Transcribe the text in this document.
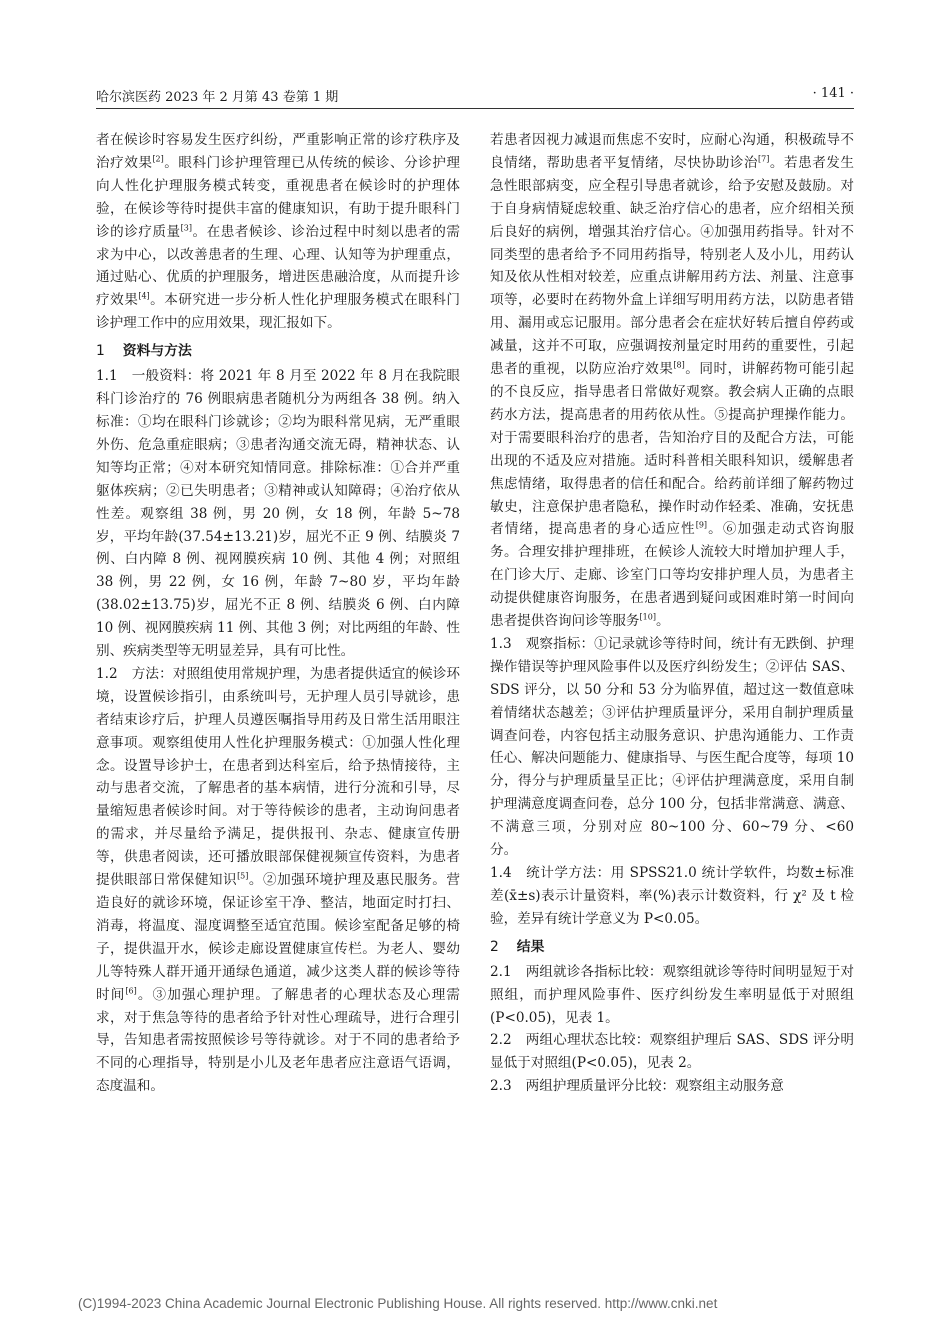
哈尔滨医药 2023 年 2 月第 43 卷第 1 期	· 141 ·

者在候诊时容易发生医疗纠纷，严重影响正常的诊疗秩序及治疗效果[2]。眼科门诊护理管理已从传统的候诊、分诊护理向人性化护理服务模式转变，重视患者在候诊时的护理体验，在候诊等待时提供丰富的健康知识，有助于提升眼科门诊的诊疗质量[3]。在患者候诊、诊治过程中时刻以患者的需求为中心，以改善患者的生理、心理、认知等为护理重点，通过贴心、优质的护理服务，增进医患融洽度，从而提升诊疗效果[4]。本研究进一步分析人性化护理服务模式在眼科门诊护理工作中的应用效果，现汇报如下。

1 资料与方法

1.1 一般资料：将 2021 年 8 月至 2022 年 8 月在我院眼科门诊治疗的 76 例眼病患者随机分为两组各 38 例。纳入标准：①均在眼科门诊就诊；②均为眼科常见病，无严重眼外伤、危急重症眼病；③患者沟通交流无碍，精神状态、认知等均正常；④对本研究知情同意。排除标准：①合并严重躯体疾病；②已失明患者；③精神或认知障碍；④治疗依从性差。观察组 38 例，男 20 例，女 18 例，年龄 5~78 岁，平均年龄(37.54±13.21)岁，屈光不正 9 例、结膜炎 7 例、白内障 8 例、视网膜疾病 10 例、其他 4 例；对照组 38 例，男 22 例，女 16 例，年龄 7~80 岁，平均年龄(38.02±13.75)岁，屈光不正 8 例、结膜炎 6 例、白内障 10 例、视网膜疾病 11 例、其他 3 例；对比两组的年龄、性别、疾病类型等无明显差异，具有可比性。

1.2 方法：对照组使用常规护理，为患者提供适宜的候诊环境，设置候诊指引，由系统叫号，无护理人员引导就诊，患者结束诊疗后，护理人员遵医嘱指导用药及日常生活用眼注意事项。观察组使用人性化护理服务模式：①加强人性化理念。设置导诊护士，在患者到达科室后，给予热情接待，主动与患者交流，了解患者的基本病情，进行分流和引导，尽量缩短患者候诊时间。对于等待候诊的患者，主动询问患者的需求，并尽量给予满足，提供报刊、杂志、健康宣传册等，供患者阅读，还可播放眼部保健视频宣传资料，为患者提供眼部日常保健知识[5]。②加强环境护理及惠民服务。营造良好的就诊环境，保证诊室干净、整洁，地面定时打扫、消毒，将温度、湿度调整至适宜范围。候诊室配备足够的椅子，提供温开水，候诊走廊设置健康宣传栏。为老人、婴幼儿等特殊人群开通开通绿色通道，减少这类人群的候诊等待时间[6]。③加强心理护理。了解患者的心理状态及心理需求，对于焦急等待的患者给予针对性心理疏导，进行合理引导，告知患者需按照候诊号等待就诊。对于不同的患者给予不同的心理指导，特别是小儿及老年患者应注意语气语调，态度温和。

若患者因视力减退而焦虑不安时，应耐心沟通，积极疏导不良情绪，帮助患者平复情绪，尽快协助诊治[7]。若患者发生急性眼部病变，应全程引导患者就诊，给予安慰及鼓励。对于自身病情疑虑较重、缺乏治疗信心的患者，应介绍相关预后良好的病例，增强其治疗信心。④加强用药指导。针对不同类型的患者给予不同用药指导，特别老人及小儿，用药认知及依从性相对较差，应重点讲解用药方法、剂量、注意事项等，必要时在药物外盒上详细写明用药方法，以防患者错用、漏用或忘记服用。部分患者会在症状好转后擅自停药或减量，这并不可取，应强调按剂量定时用药的重要性，引起患者的重视，以防应治疗效果[8]。同时，讲解药物可能引起的不良反应，指导患者日常做好观察。教会病人正确的点眼药水方法，提高患者的用药依从性。⑤提高护理操作能力。对于需要眼科治疗的患者，告知治疗目的及配合方法，可能出现的不适及应对措施。适时科普相关眼科知识，缓解患者焦虑情绪，取得患者的信任和配合。给药前详细了解药物过敏史，注意保护患者隐私，操作时动作轻柔、准确，安抚患者情绪，提高患者的身心适应性[9]。⑥加强走动式咨询服务。合理安排护理排班，在候诊人流较大时增加护理人手，在门诊大厅、走廊、诊室门口等均安排护理人员，为患者主动提供健康咨询服务，在患者遇到疑问或困难时第一时间向患者提供咨询问诊等服务[10]。

1.3 观察指标：①记录就诊等待时间，统计有无跌倒、护理操作错误等护理风险事件以及医疗纠纷发生；②评估 SAS、SDS 评分，以 50 分和 53 分为临界值，超过这一数值意味着情绪状态越差；③评估护理质量评分，采用自制护理质量调查问卷，内容包括主动服务意识、护患沟通能力、工作责任心、解决问题能力、健康指导、与医生配合度等，每项 10 分，得分与护理质量呈正比；④评估护理满意度，采用自制护理满意度调查问卷，总分 100 分，包括非常满意、满意、不满意三项，分别对应 80~100 分、60~79 分、<60 分。

1.4 统计学方法：用 SPSS21.0 统计学软件，均数±标准差(x̄±s)表示计量资料，率(%)表示计数资料，行 χ² 及 t 检验，差异有统计学意义为 P<0.05。

2 结果

2.1 两组就诊各指标比较：观察组就诊等待时间明显短于对照组，而护理风险事件、医疗纠纷发生率明显低于对照组(P<0.05)，见表 1。

2.2 两组心理状态比较：观察组护理后 SAS、SDS 评分明显低于对照组(P<0.05)，见表 2。

2.3 两组护理质量评分比较：观察组主动服务意

(C)1994-2023 China Academic Journal Electronic Publishing House. All rights reserved. http://www.cnki.net
